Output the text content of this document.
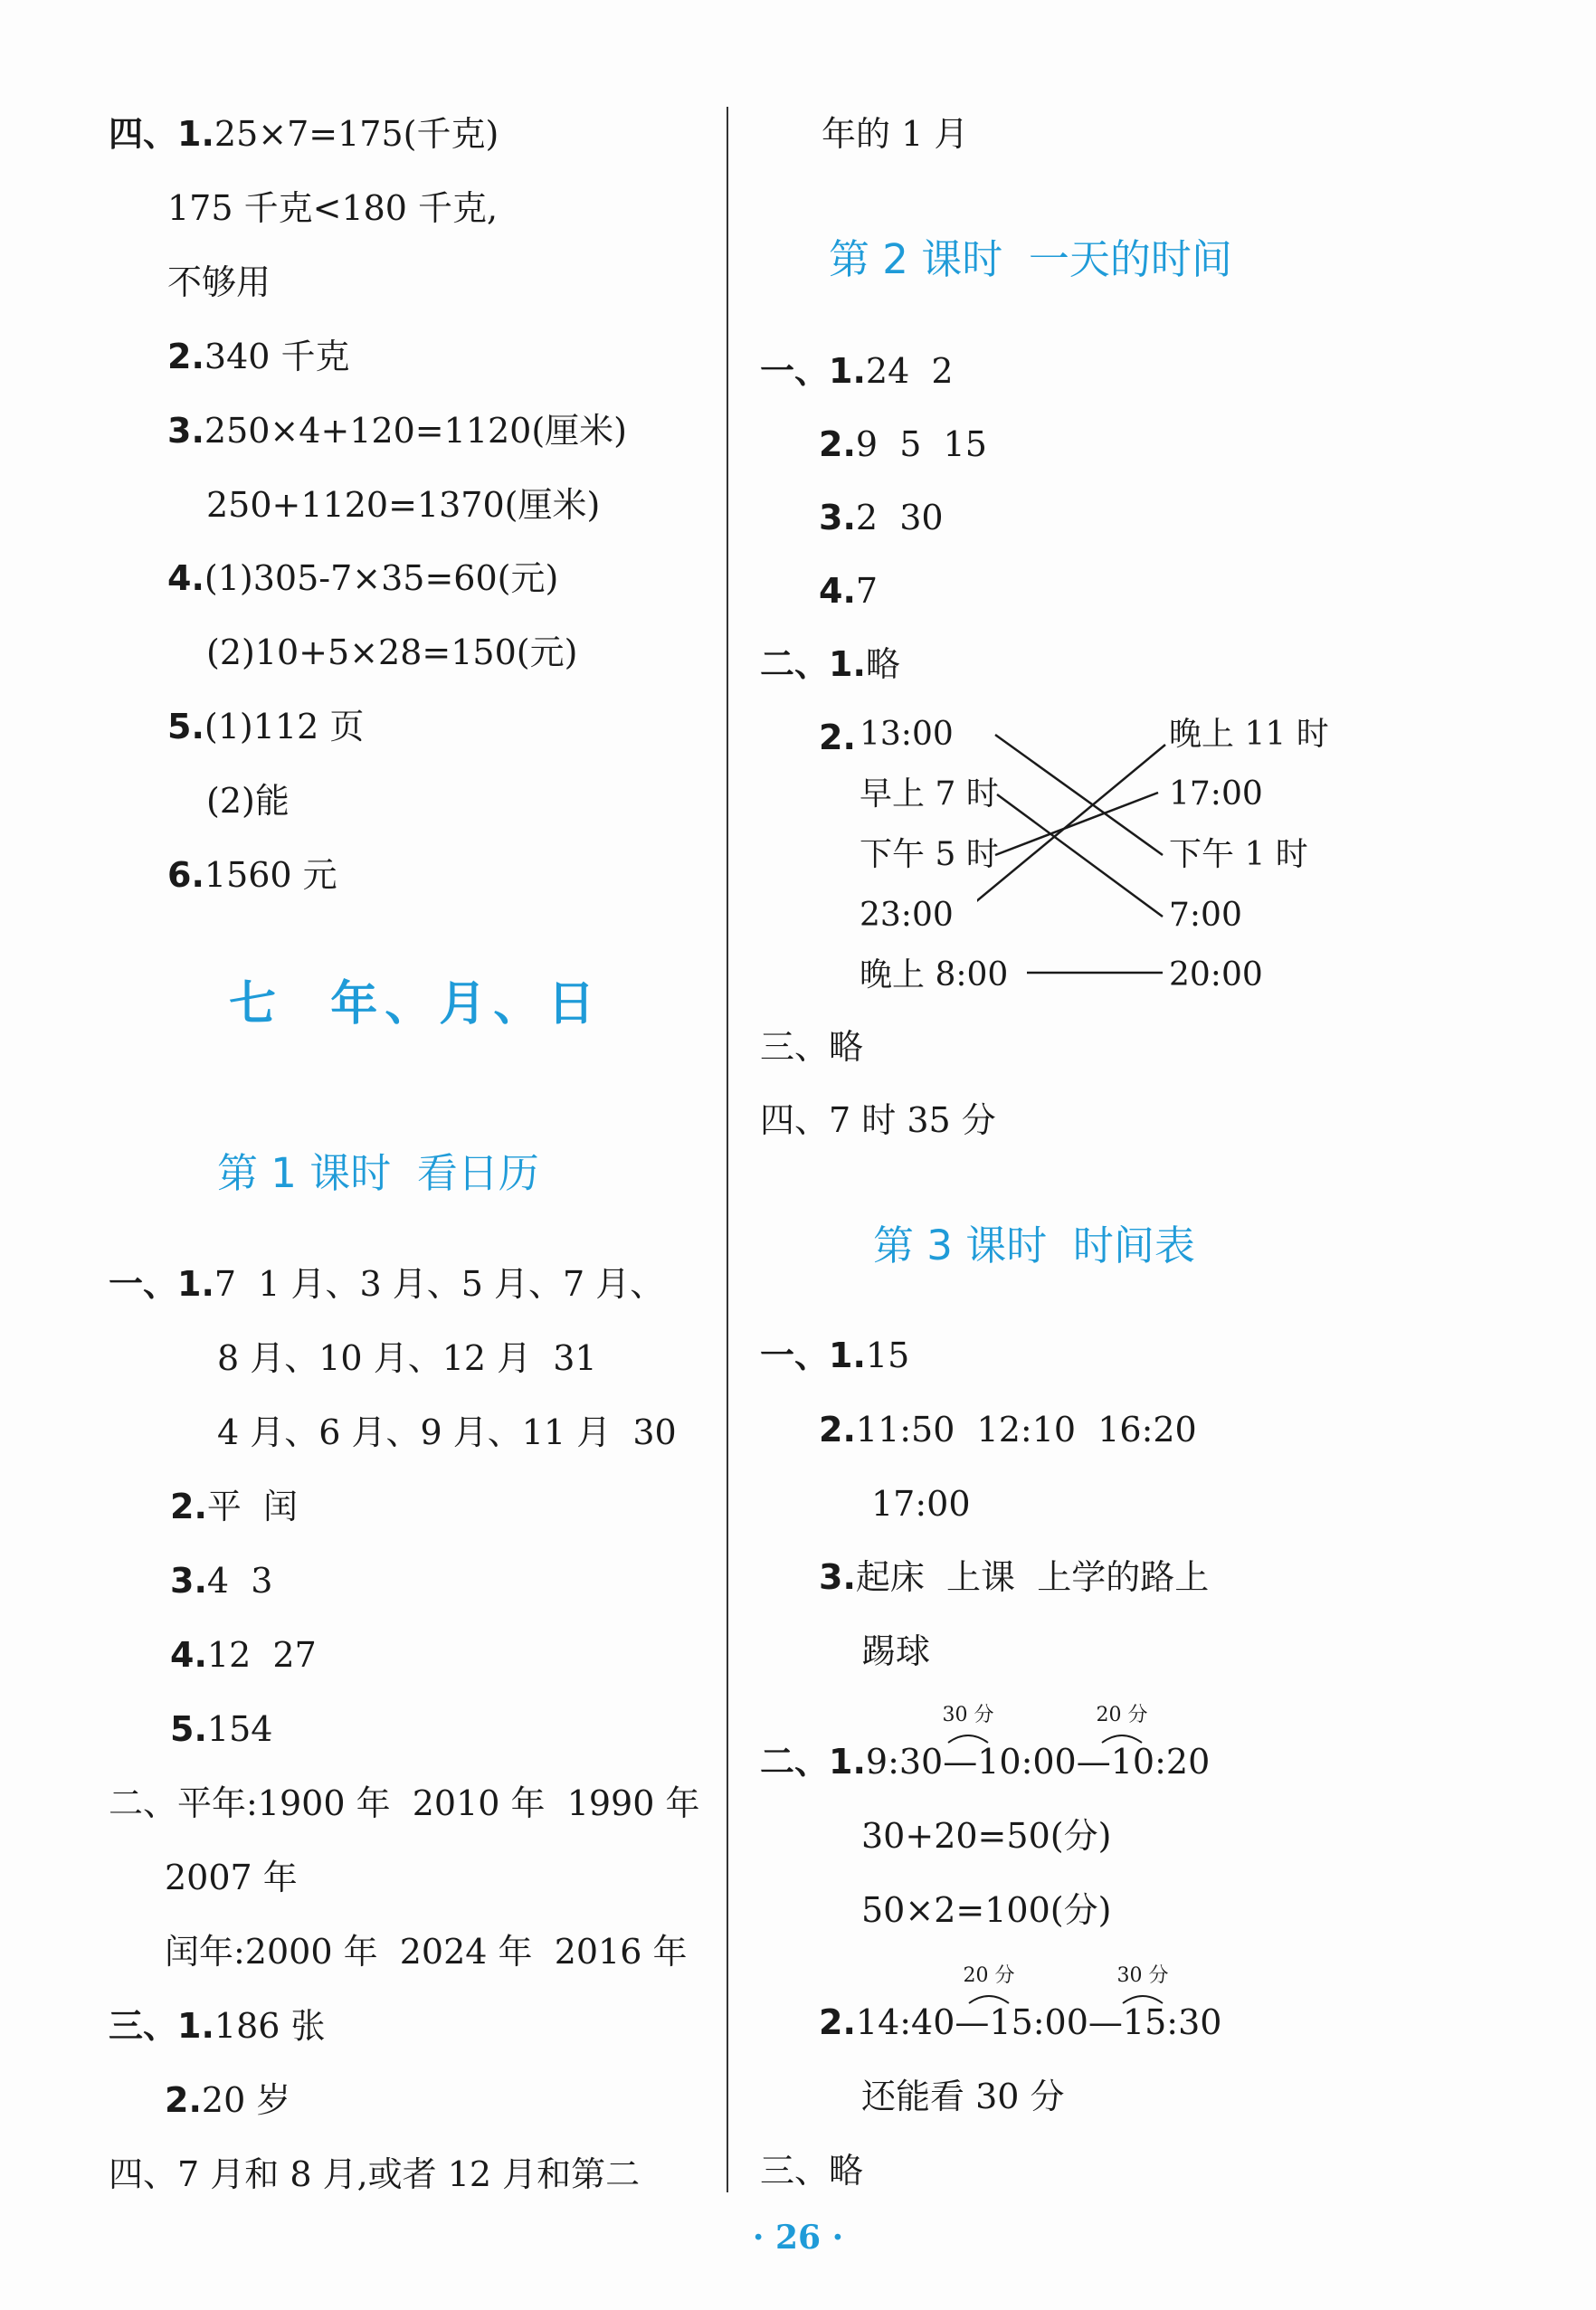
四、1.25×7=175(千克)
175 千克<180 千克,
不够用
2.340 千克
3.250×4+120=1120(厘米)
250+1120=1370(厘米)
4.(1)305-7×35=60(元)
(2)10+5×28=150(元)
5.(1)112 页
(2)能
6.1560 元
七  年、月、日
第 1 课时  看日历
一、1.7  1 月、3 月、5 月、7 月、
8 月、10 月、12 月  31
4 月、6 月、9 月、11 月  30
2.平  闰
3.4  3
4.12  27
5.154
二、平年:1900 年  2010 年  1990 年
2007 年
闰年:2000 年  2024 年  2016 年
三、1.186 张
2.20 岁
四、7 月和 8 月,或者 12 月和第二
年的 1 月
第 2 课时  一天的时间
一、1.24  2
2.9  5  15
3.2  30
4.7
二、1.略
2. 13:00
早上 7 时
下午 5 时
23:00
晚上 8:00
晚上 11 时
17:00
下午 1 时
7:00
20:00
三、略
四、7 时 35 分
第 3 课时  时间表
一、1.15
2.11:50  12:10  16:20
17:00
3.起床  上课  上学的路上
踢球
30 分	20 分
二、1.9:30—10:00—10:20
30+20=50(分)
50×2=100(分)
20 分	30 分
2.14:40—15:00—15:30
还能看 30 分
三、略
· 26 ·
